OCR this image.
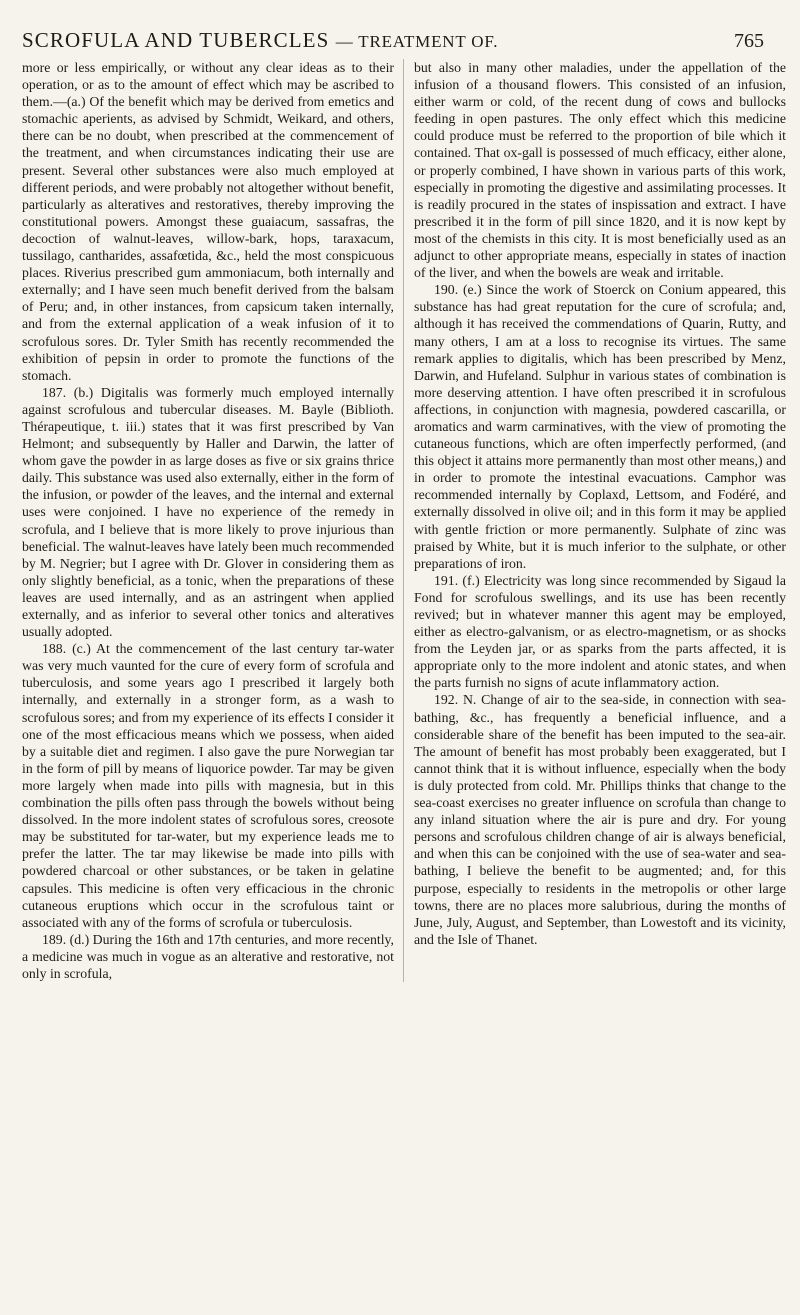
SCROFULA AND TUBERCLES — TREATMENT OF.	765

more or less empirically, or without any clear ideas as to their operation, or as to the amount of effect which may be ascribed to them.—(a.) Of the benefit which may be derived from emetics and stomachic aperients, as advised by Schmidt, Weikard, and others, there can be no doubt, when prescribed at the commencement of the treatment, and when circumstances indicating their use are present. Several other substances were also much employed at different periods, and were probably not altogether without benefit, particularly as alteratives and restoratives, thereby improving the constitutional powers. Amongst these guaiacum, sassafras, the decoction of walnut-leaves, willow-bark, hops, taraxacum, tussilago, cantharides, assafœtida, &c., held the most conspicuous places. Riverius prescribed gum ammoniacum, both internally and externally; and I have seen much benefit derived from the balsam of Peru; and, in other instances, from capsicum taken internally, and from the external application of a weak infusion of it to scrofulous sores. Dr. Tyler Smith has recently recommended the exhibition of pepsin in order to promote the functions of the stomach.

187. (b.) Digitalis was formerly much employed internally against scrofulous and tubercular diseases. M. Bayle (Biblioth. Thérapeutique, t. iii.) states that it was first prescribed by Van Helmont; and subsequently by Haller and Darwin, the latter of whom gave the powder in as large doses as five or six grains thrice daily. This substance was used also externally, either in the form of the infusion, or powder of the leaves, and the internal and external uses were conjoined. I have no experience of the remedy in scrofula, and I believe that is more likely to prove injurious than beneficial. The walnut-leaves have lately been much recommended by M. Negrier; but I agree with Dr. Glover in considering them as only slightly beneficial, as a tonic, when the preparations of these leaves are used internally, and as an astringent when applied externally, and as inferior to several other tonics and alteratives usually adopted.

188. (c.) At the commencement of the last century tar-water was very much vaunted for the cure of every form of scrofula and tuberculosis, and some years ago I prescribed it largely both internally, and externally in a stronger form, as a wash to scrofulous sores; and from my experience of its effects I consider it one of the most efficacious means which we possess, when aided by a suitable diet and regimen. I also gave the pure Norwegian tar in the form of pill by means of liquorice powder. Tar may be given more largely when made into pills with magnesia, but in this combination the pills often pass through the bowels without being dissolved. In the more indolent states of scrofulous sores, creosote may be substituted for tar-water, but my experience leads me to prefer the latter. The tar may likewise be made into pills with powdered charcoal or other substances, or be taken in gelatine capsules. This medicine is often very efficacious in the chronic cutaneous eruptions which occur in the scrofulous taint or associated with any of the forms of scrofula or tuberculosis.

189. (d.) During the 16th and 17th centuries, and more recently, a medicine was much in vogue as an alterative and restorative, not only in scrofula,

but also in many other maladies, under the appellation of the infusion of a thousand flowers. This consisted of an infusion, either warm or cold, of the recent dung of cows and bullocks feeding in open pastures. The only effect which this medicine could produce must be referred to the proportion of bile which it contained. That ox-gall is possessed of much efficacy, either alone, or properly combined, I have shown in various parts of this work, especially in promoting the digestive and assimilating processes. It is readily procured in the states of inspissation and extract. I have prescribed it in the form of pill since 1820, and it is now kept by most of the chemists in this city. It is most beneficially used as an adjunct to other appropriate means, especially in states of inaction of the liver, and when the bowels are weak and irritable.

190. (e.) Since the work of Stoerck on Conium appeared, this substance has had great reputation for the cure of scrofula; and, although it has received the commendations of Quarin, Rutty, and many others, I am at a loss to recognise its virtues. The same remark applies to digitalis, which has been prescribed by Menz, Darwin, and Hufeland. Sulphur in various states of combination is more deserving attention. I have often prescribed it in scrofulous affections, in conjunction with magnesia, powdered cascarilla, or aromatics and warm carminatives, with the view of promoting the cutaneous functions, which are often imperfectly performed, (and this object it attains more permanently than most other means,) and in order to promote the intestinal evacuations. Camphor was recommended internally by Coplaxd, Lettsom, and Fodéré, and externally dissolved in olive oil; and in this form it may be applied with gentle friction or more permanently. Sulphate of zinc was praised by White, but it is much inferior to the sulphate, or other preparations of iron.

191. (f.) Electricity was long since recommended by Sigaud la Fond for scrofulous swellings, and its use has been recently revived; but in whatever manner this agent may be employed, either as electro-galvanism, or as electro-magnetism, or as shocks from the Leyden jar, or as sparks from the parts affected, it is appropriate only to the more indolent and atonic states, and when the parts furnish no signs of acute inflammatory action.

192. N. Change of air to the sea-side, in connection with sea-bathing, &c., has frequently a beneficial influence, and a considerable share of the benefit has been imputed to the sea-air. The amount of benefit has most probably been exaggerated, but I cannot think that it is without influence, especially when the body is duly protected from cold. Mr. Phillips thinks that change to the sea-coast exercises no greater influence on scrofula than change to any inland situation where the air is pure and dry. For young persons and scrofulous children change of air is always beneficial, and when this can be conjoined with the use of sea-water and sea-bathing, I believe the benefit to be augmented; and, for this purpose, especially to residents in the metropolis or other large towns, there are no places more salubrious, during the months of June, July, August, and September, than Lowestoft and its vicinity, and the Isle of Thanet.
